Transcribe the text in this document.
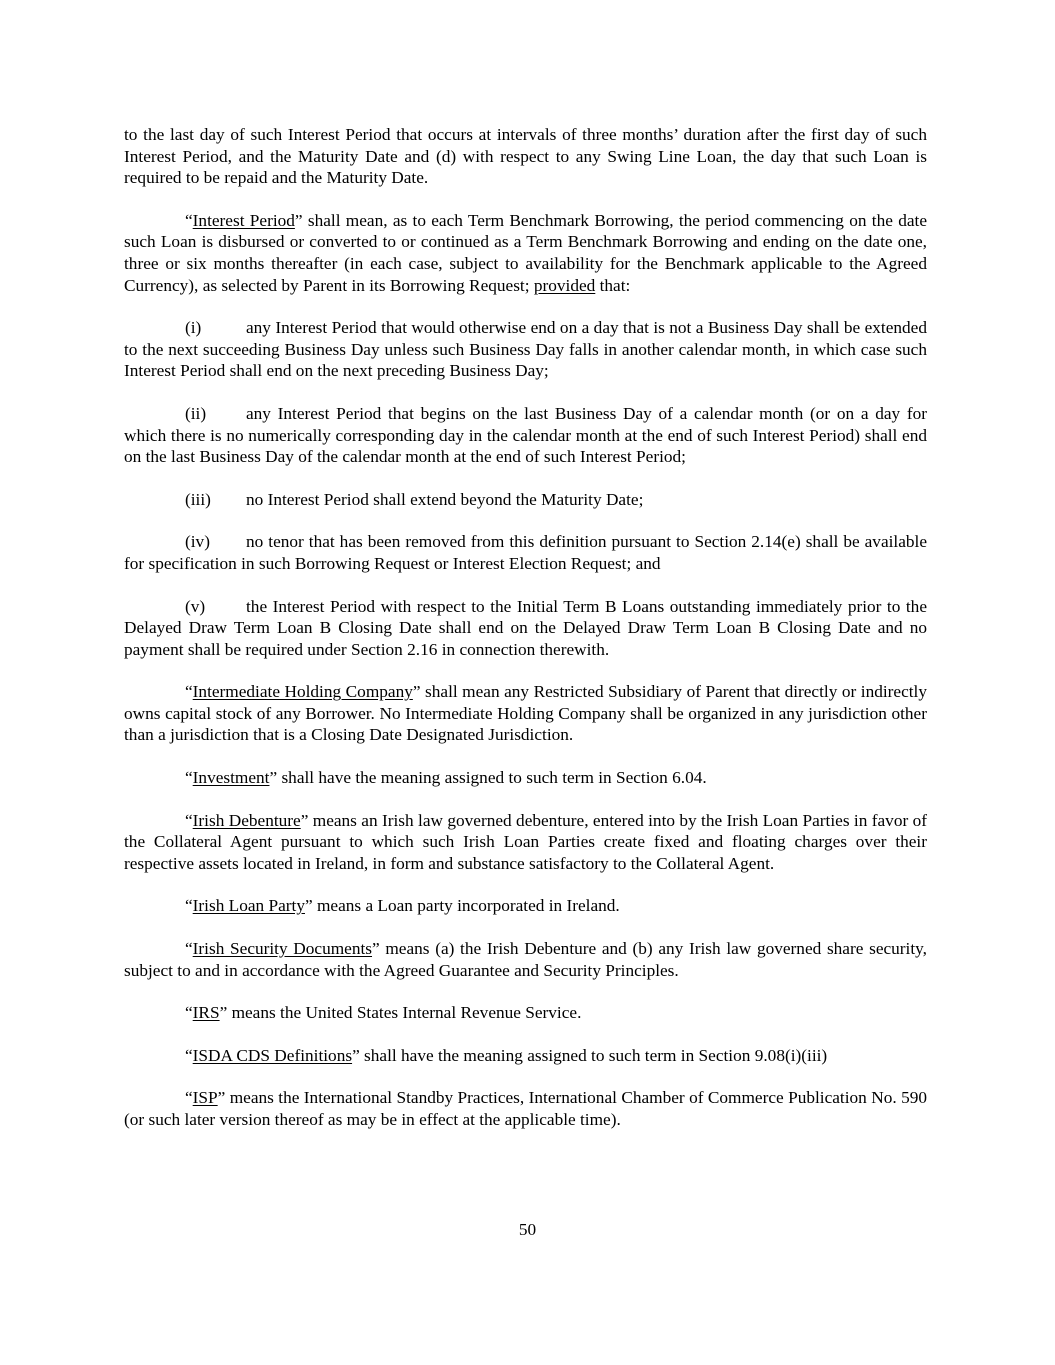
to the last day of such Interest Period that occurs at intervals of three months’ duration after the first day of such Interest Period, and the Maturity Date and (d) with respect to any Swing Line Loan, the day that such Loan is required to be repaid and the Maturity Date.

“Interest Period” shall mean, as to each Term Benchmark Borrowing, the period commencing on the date such Loan is disbursed or converted to or continued as a Term Benchmark Borrowing and ending on the date one, three or six months thereafter (in each case, subject to availability for the Benchmark applicable to the Agreed Currency), as selected by Parent in its Borrowing Request; provided that:

(i)	any Interest Period that would otherwise end on a day that is not a Business Day shall be extended to the next succeeding Business Day unless such Business Day falls in another calendar month, in which case such Interest Period shall end on the next preceding Business Day;

(ii) any Interest Period that begins on the last Business Day of a calendar month (or on a day for which there is no numerically corresponding day in the calendar month at the end of such Interest Period) shall end on the last Business Day of the calendar month at the end of such Interest Period;

(iii) no Interest Period shall extend beyond the Maturity Date;

(iv) no tenor that has been removed from this definition pursuant to Section 2.14(e) shall be available for specification in such Borrowing Request or Interest Election Request; and

(v) the Interest Period with respect to the Initial Term B Loans outstanding immediately prior to the Delayed Draw Term Loan B Closing Date shall end on the Delayed Draw Term Loan B Closing Date and no payment shall be required under Section 2.16 in connection therewith.

“Intermediate Holding Company” shall mean any Restricted Subsidiary of Parent that directly or indirectly owns capital stock of any Borrower. No Intermediate Holding Company shall be organized in any jurisdiction other than a jurisdiction that is a Closing Date Designated Jurisdiction.

“Investment” shall have the meaning assigned to such term in Section 6.04.

“Irish Debenture” means an Irish law governed debenture, entered into by the Irish Loan Parties in favor of the Collateral Agent pursuant to which such Irish Loan Parties create fixed and floating charges over their respective assets located in Ireland, in form and substance satisfactory to the Collateral Agent.

“Irish Loan Party” means a Loan party incorporated in Ireland.

“Irish Security Documents” means (a) the Irish Debenture and (b) any Irish law governed share security, subject to and in accordance with the Agreed Guarantee and Security Principles.

“IRS” means the United States Internal Revenue Service.

“ISDA CDS Definitions” shall have the meaning assigned to such term in Section 9.08(i)(iii)

“ISP” means the International Standby Practices, International Chamber of Commerce Publication No. 590 (or such later version thereof as may be in effect at the applicable time).

50
